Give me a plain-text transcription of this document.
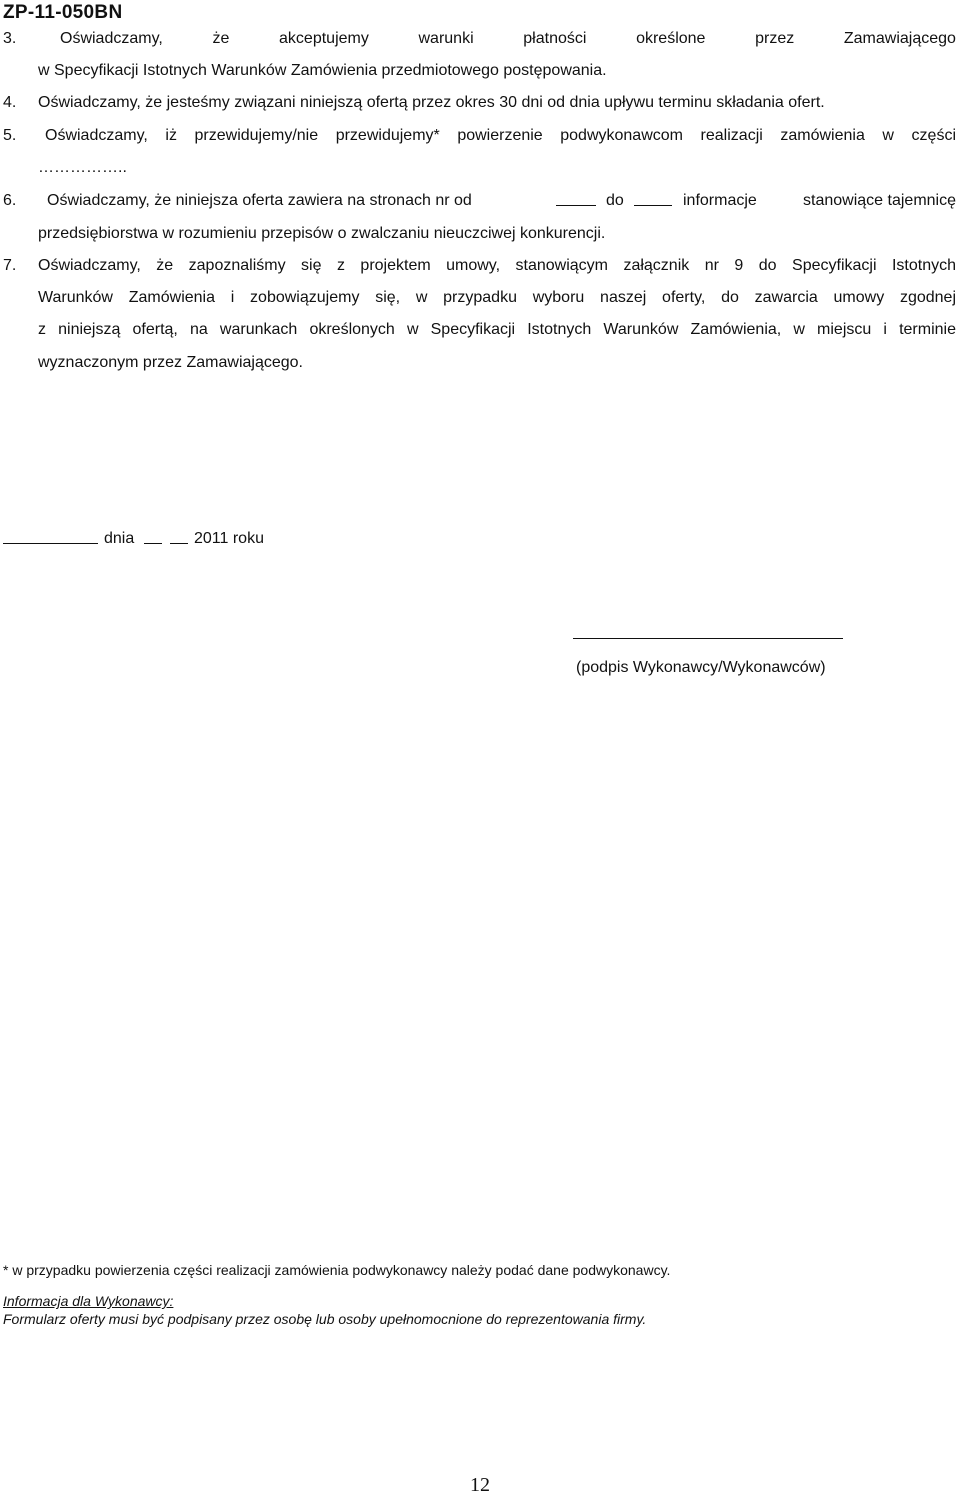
ZP-11-050BN
3.	Oświadczamy,	że	akceptujemy	warunki	płatności	określone	przez	Zamawiającego
w Specyfikacji Istotnych Warunków Zamówienia przedmiotowego postępowania.
4. Oświadczamy, że jesteśmy związani niniejszą ofertą przez okres 30 dni od dnia upływu terminu składania ofert.
5. Oświadczamy, iż przewidujemy/nie przewidujemy* powierzenie podwykonawcom realizacji zamówienia w części
……………..
6. Oświadczamy, że niniejsza oferta zawiera na stronach nr od	do	informacje	stanowiące tajemnicę
przedsiębiorstwa w rozumieniu przepisów o zwalczaniu nieuczciwej konkurencji.
7. Oświadczamy, że zapoznaliśmy się z projektem umowy, stanowiącym załącznik nr 9 do Specyfikacji Istotnych
Warunków Zamówienia i zobowiązujemy się, w przypadku wyboru naszej oferty, do zawarcia umowy zgodnej
z niniejszą ofertą, na warunkach określonych w Specyfikacji Istotnych Warunków Zamówienia, w miejscu i terminie
wyznaczonym przez Zamawiającego.
dnia	2011 roku
(podpis Wykonawcy/Wykonawców)
* w przypadku powierzenia części realizacji zamówienia podwykonawcy należy podać dane podwykonawcy.
Informacja dla Wykonawcy:
Formularz oferty musi być podpisany przez osobę lub osoby upełnomocnione do reprezentowania firmy.
12
